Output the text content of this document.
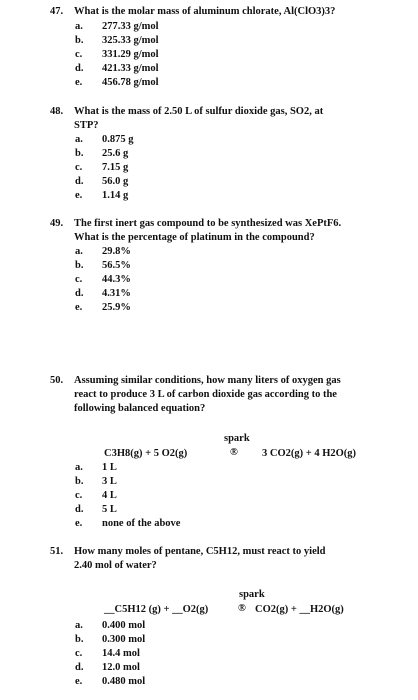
47. What is the molar mass of aluminum chlorate, Al(ClO3)3?
a. 277.33 g/mol
b. 325.33 g/mol
c. 331.29 g/mol
d. 421.33 g/mol
e. 456.78 g/mol
48. What is the mass of 2.50 L of sulfur dioxide gas, SO2, at
STP?
a. 0.875 g
b. 25.6 g
c. 7.15 g
d. 56.0 g
e. 1.14 g
49. The first inert gas compound to be synthesized was XePtF6.
What is the percentage of platinum in the compound?
a. 29.8%
b. 56.5%
c. 44.3%
d. 4.31%
e. 25.9%
50. Assuming similar conditions, how many liters of oxygen gas
react to produce 3 L of carbon dioxide gas according to the
following balanced equation?
spark
C3H8(g) + 5 O2(g)	® 3 CO2(g) + 4 H2O(g)
a. 1 L
b. 3 L
c. 4 L
d. 5 L
e. none of the above
51. How many moles of pentane, C5H12, must react to yield
2.40 mol of water?
spark
__C5H12 (g) + __O2(g)	® CO2(g) + __H2O(g)
a. 0.400 mol
b. 0.300 mol
c. 14.4 mol
d. 12.0 mol
e. 0.480 mol
